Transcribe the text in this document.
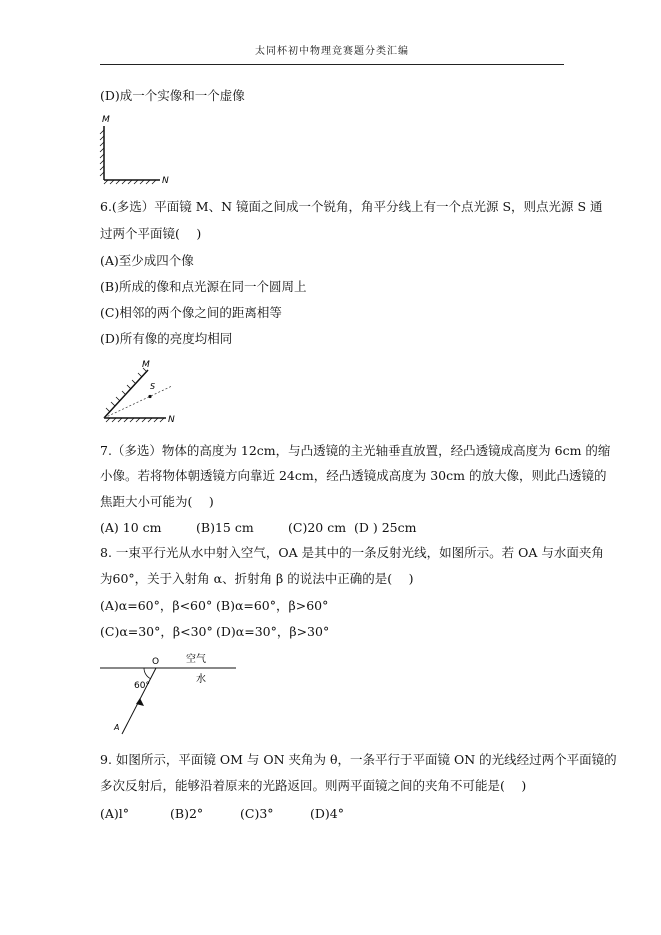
太同杯初中物理竞赛题分类汇编
(D)成一个实像和一个虚像
M
N
6.(多选）平面镜 M、N 镜面之间成一个锐角，角平分线上有一个点光源 S，则点光源 S 通
过两个平面镜(　 )
(A)至少成四个像
(B)所成的像和点光源在同一个圆周上
(C)相邻的两个像之间的距离相等
(D)所有像的亮度均相同
M
S
N
7.（多选）物体的高度为 12cm，与凸透镜的主光轴垂直放置，经凸透镜成高度为 6cm 的缩
小像。若将物体朝透镜方向靠近 24cm，经凸透镜成高度为 30cm 的放大像，则此凸透镜的
焦距大小可能为(　 )
(A) 10 cm	(B)15 cm	(C)20 cm (D ) 25cm
8. 一束平行光从水中射入空气，OA 是其中的一条反射光线，如图所示。若 OA 与水面夹角
为60°，关于入射角 α、折射角 β 的说法中正确的是(　 )
(A)α=60°，β<60° (B)α=60°，β>60°
(C)α=30°，β<30° (D)α=30°，β>30°
O	空气
水
60°
A
9. 如图所示，平面镜 OM 与 ON 夹角为 θ，一条平行于平面镜 ON 的光线经过两个平面镜的
多次反射后，能够沿着原来的光路返回。则两平面镜之间的夹角不可能是(　 )
(A)l°	(B)2°	(C)3°	(D)4°
